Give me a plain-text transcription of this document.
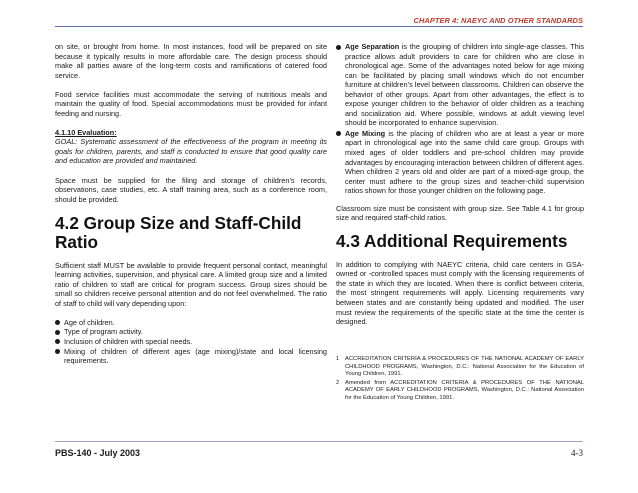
CHAPTER 4: NAEYC AND OTHER STANDARDS

on site, or brought from home. In most instances, food will be prepared on site because it typically results in more affordable care. The design process should make all parties aware of the long-term costs and ramifications of catered food service.

Food service facilities must accommodate the serving of nutritious meals and maintain the quality of food. Special accommodations must be provided for infant feeding and nursing.

4.1.10 Evaluation:
GOAL: Systematic assessment of the effectiveness of the program in meeting its goals for children, parents, and staff is conducted to ensure that good quality care and education are provided and maintained.

Space must be supplied for the filing and storage of children’s records, observations, case studies, etc. A staff training area, such as a conference room, should be provided.

4.2 Group Size and Staff-Child Ratio

Sufficient staff MUST be available to provide frequent personal contact, meaningful learning activities, supervision, and physical care. A limited group size and a limited ratio of children to staff are critical for program success. Group sizes should be small so children receive personal attention and do not feel overwhelmed. The ratio of staff to child will vary depending upon:

Age of children.
Type of program activity.
Inclusion of children with special needs.
Mixing of children of different ages (age mixing)/state and local licensing requirements.
Age Separation is the grouping of children into single-age classes. This practice allows adult providers to care for children who are close in chronological age. Some of the advantages noted below for age mixing can be facilitated by placing small windows which do not encumber furniture at children’s level between classrooms. Children can observe the behavior of other groups. Apart from other advantages, the effect is to expose younger children to the behavior of older children as a teaching and socialization aid. Where possible, windows at adult viewing level should be incorporated to enhance supervision.
Age Mixing is the placing of children who are at least a year or more apart in chronological age into the same child care group. Groups with mixed ages of older toddlers and pre-school children may provide advantages by encouraging interaction between children of different ages. When children 2 years old and older are part of a mixed-age group, the center must adhere to the group sizes and teacher-child supervision ratios shown for those younger children on the following page.

Classroom size must be consistent with group size. See Table 4.1 for group size and required staff-child ratios.

4.3 Additional Requirements

In addition to complying with NAEYC criteria, child care centers in GSA-owned or -controlled spaces must comply with the licensing requirements of the state in which they are located. When there is conflict between criteria, the most stringent requirements will apply. Licensing requirements vary between states and are constantly being updated and modified. The user must review the requirements of the specific state at the time the center is designed.

1 ACCREDITATION CRITERIA & PROCEDURES OF THE NATIONAL ACADEMY OF EARLY CHILDHOOD PROGRAMS, Washington, D.C.: National Association for the Education of Young Children, 1991.
2 Amended from ACCREDITATION CRITERIA & PROCEDURES OF THE NATIONAL ACADEMY OF EARLY CHILDHOOD PROGRAMS, Washington, D.C.: National Association for the Education of Young Children, 1991.
PBS-140 - July 2003	4-3
